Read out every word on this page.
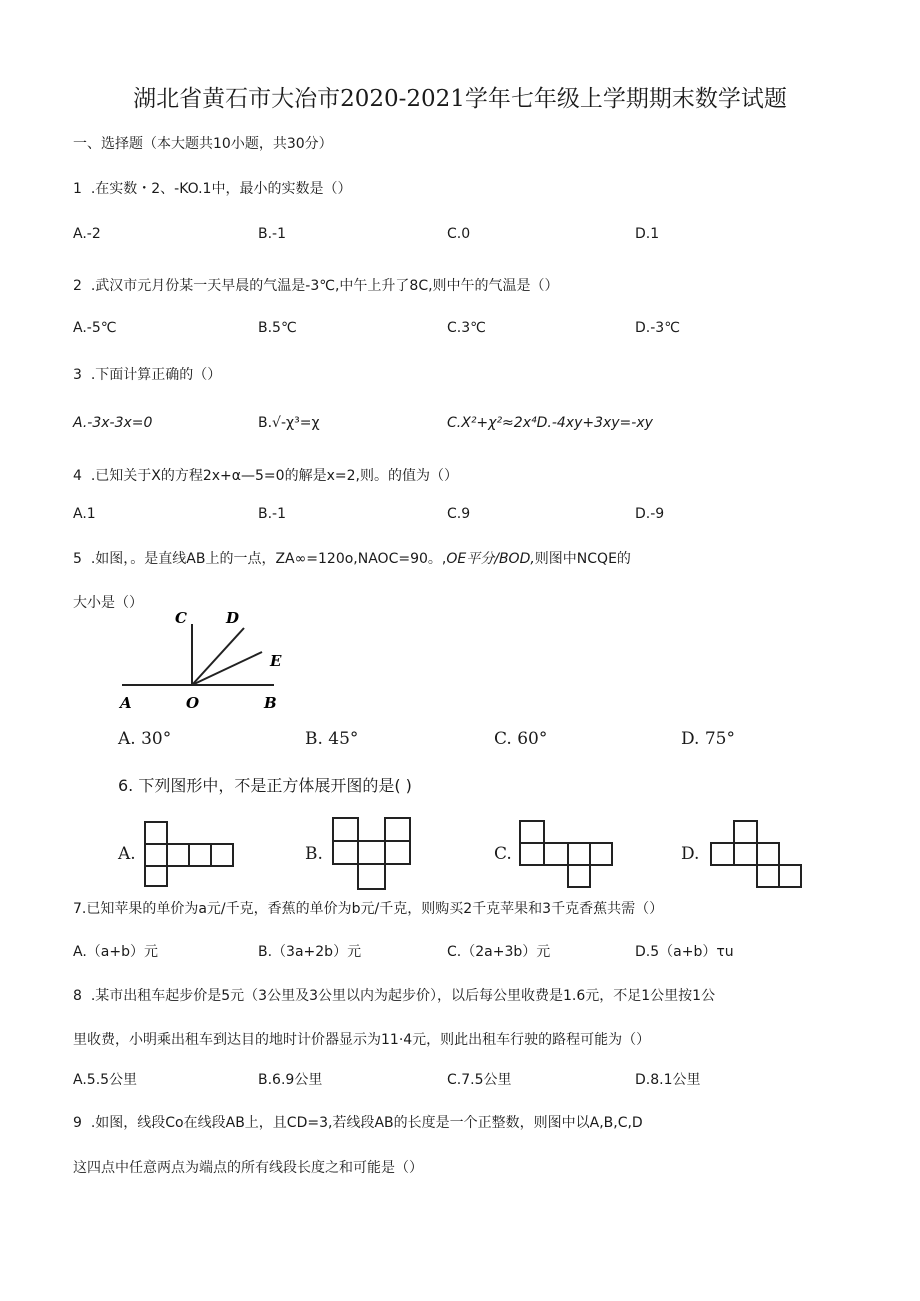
湖北省黄石市大冶市2020-2021学年七年级上学期期末数学试题
一、选择题（本大题共10小题，共30分）
1 .在实数・2、-KO.1中，最小的实数是（）
A.-2	B.-1	C.0	D.1
2 .武汉市元月份某一天早晨的气温是-3℃,中午上升了8C,则中午的气温是（）
A.-5℃	B.5℃	C.3℃	D.-3℃
3 .下面计算正确的（）
A.-3x-3x=0	B.√-χ³=χ	C.X²+χ²≈2x⁴D.-4xy+3xy=-xy
4 .已知关于X的方程2x+α—5=0的解是x=2,则。的值为（）
A.1	B.-1	C.9	D.-9
5 .如图，。是直线AB上的一点，ZA∞=120o,NAOC=90。,OE平分/BOD,则图中NCQE的
大小是（）
C	D
E
A	O	B
A. 30°	B. 45°	C. 60°	D. 75°
6. 下列图形中，不是正方体展开图的是( )
A.	B.	C.	D.
7.已知苹果的单价为a元/千克，香蕉的单价为b元/千克，则购买2千克苹果和3千克香蕉共需（）
A.（a+b）元	B.（3a+2b）元	C.（2a+3b）元	D.5（a+b）τu
8 .某市出租车起步价是5元（3公里及3公里以内为起步价），以后每公里收费是1.6元，不足1公里按1公
里收费，小明乘出租车到达目的地时计价器显示为11·4元，则此出租车行驶的路程可能为（）
A.5.5公里	B.6.9公里	C.7.5公里	D.8.1公里
9 .如图，线段Co在线段AB上，且CD=3,若线段AB的长度是一个正整数，则图中以A,B,C,D
这四点中任意两点为端点的所有线段长度之和可能是（）
